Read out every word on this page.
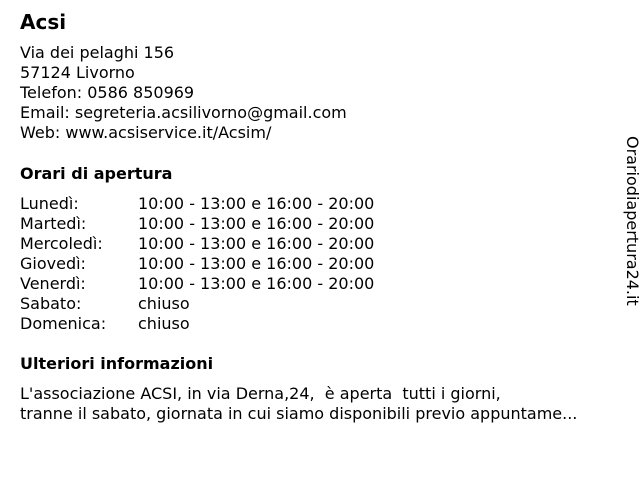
Acsi
Via dei pelaghi 156
57124 Livorno
Telefon: 0586 850969
Email: segreteria.acsilivorno@gmail.com
Web: www.acsiservice.it/Acsim/
Orari di apertura
Lunedì:	10:00 - 13:00 e 16:00 - 20:00
Martedì:	10:00 - 13:00 e 16:00 - 20:00
Mercoledì:	10:00 - 13:00 e 16:00 - 20:00
Giovedì:	10:00 - 13:00 e 16:00 - 20:00
Venerdì:	10:00 - 13:00 e 16:00 - 20:00
Sabato:	chiuso
Domenica:	chiuso
Ulteriori informazioni
L'associazione ACSI, in via Derna,24,  è aperta  tutti i giorni,
tranne il sabato, giornata in cui siamo disponibili previo appuntame...
Orariodiapertura24.it
